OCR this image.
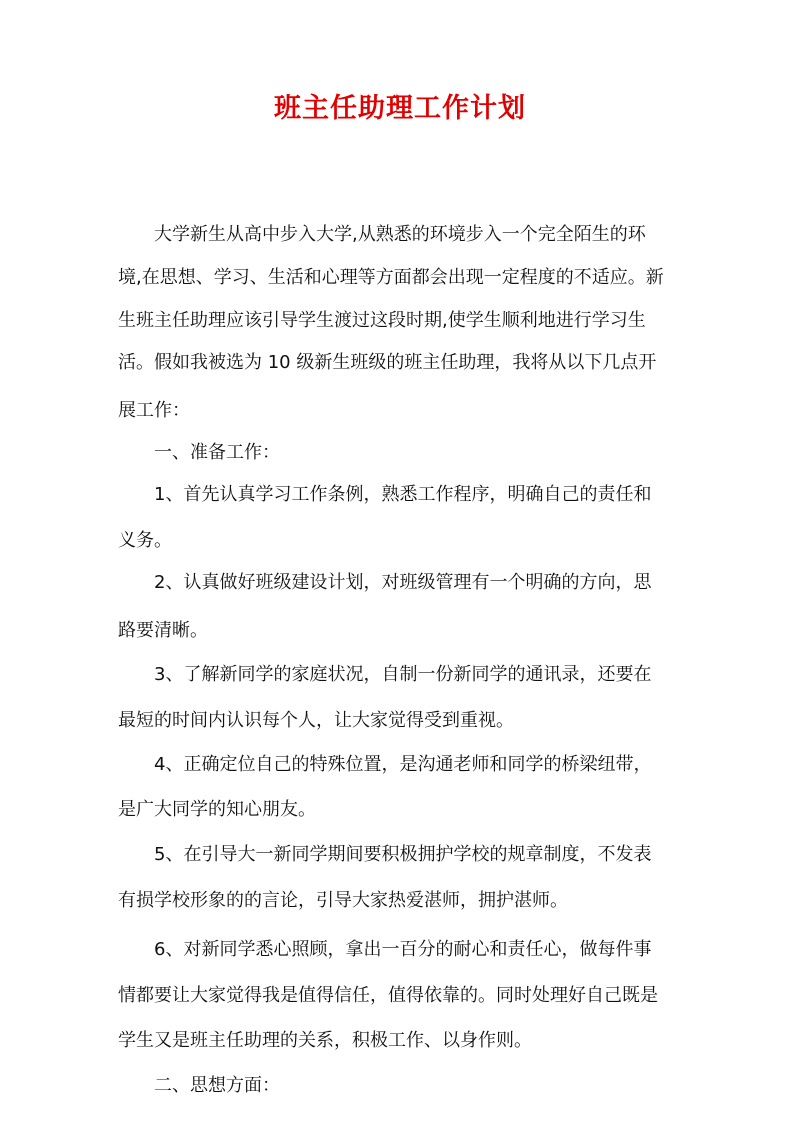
班主任助理工作计划
　　大学新生从高中步入大学,从熟悉的环境步入一个完全陌生的环
境,在思想、学习、生活和心理等方面都会出现一定程度的不适应。新
生班主任助理应该引导学生渡过这段时期,使学生顺利地进行学习生
活。假如我被选为 10 级新生班级的班主任助理，我将从以下几点开
展工作：
　　一、准备工作：
　　1、首先认真学习工作条例，熟悉工作程序，明确自己的责任和
义务。
　　2、认真做好班级建设计划，对班级管理有一个明确的方向，思
路要清晰。
　　3、了解新同学的家庭状况，自制一份新同学的通讯录，还要在
最短的时间内认识每个人，让大家觉得受到重视。
　　4、正确定位自己的特殊位置，是沟通老师和同学的桥梁纽带，
是广大同学的知心朋友。
　　5、在引导大一新同学期间要积极拥护学校的规章制度，不发表
有损学校形象的的言论，引导大家热爱湛师，拥护湛师。
　　6、对新同学悉心照顾，拿出一百分的耐心和责任心，做每件事
情都要让大家觉得我是值得信任，值得依靠的。同时处理好自己既是
学生又是班主任助理的关系，积极工作、以身作则。
　　二、思想方面：
